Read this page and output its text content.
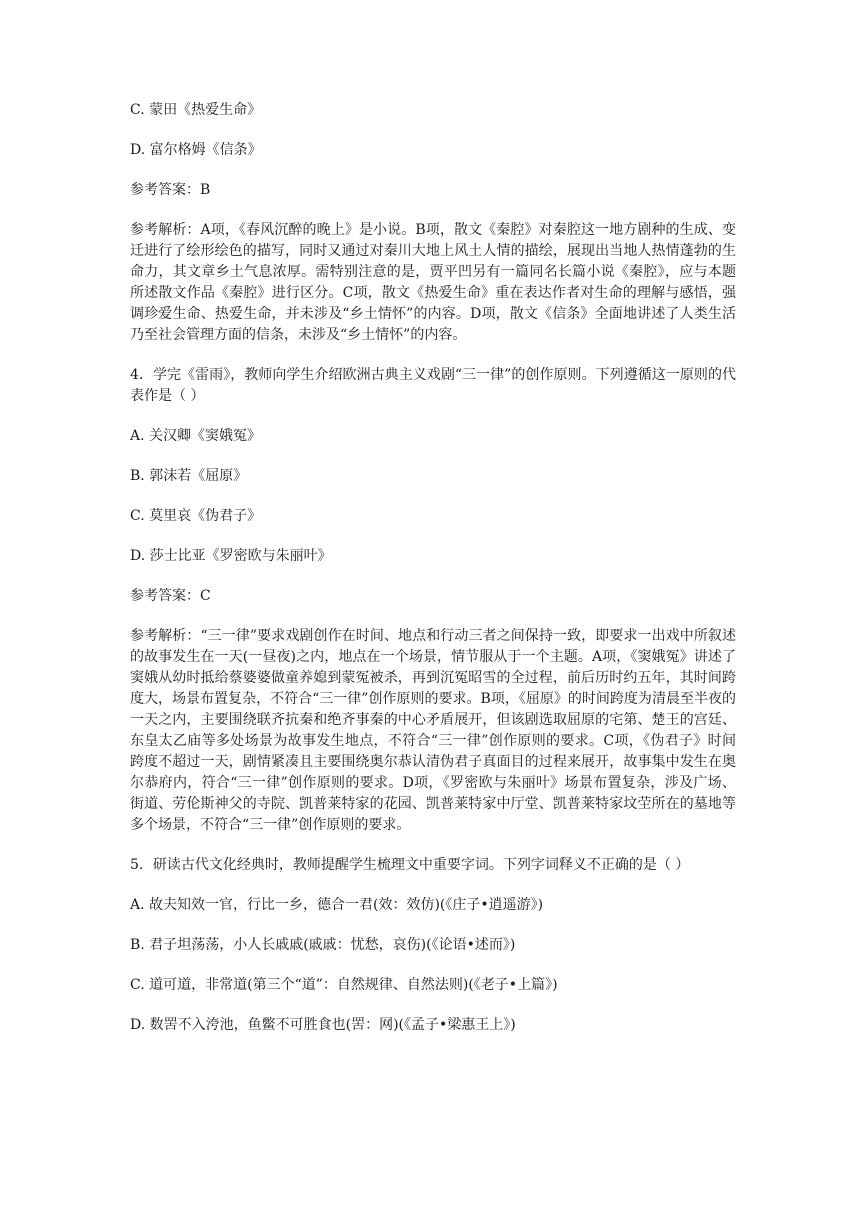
C. 蒙田《热爱生命》

D. 富尔格姆《信条》

参考答案：B

参考解析：A项，《春风沉醉的晚上》是小说。B项，散文《秦腔》对秦腔这一地方剧种的生成、变迁进行了绘形绘色的描写，同时又通过对秦川大地上风土人情的描绘，展现出当地人热情蓬勃的生命力，其文章乡土气息浓厚。需特别注意的是，贾平凹另有一篇同名长篇小说《秦腔》，应与本题所述散文作品《秦腔》进行区分。C项，散文《热爱生命》重在表达作者对生命的理解与感悟，强调珍爱生命、热爱生命，并未涉及“乡土情怀”的内容。D项，散文《信条》全面地讲述了人类生活乃至社会管理方面的信条，未涉及“乡土情怀”的内容。

4．学完《雷雨》，教师向学生介绍欧洲古典主义戏剧“三一律”的创作原则。下列遵循这一原则的代表作是（ ）

A. 关汉卿《窦娥冤》

B. 郭沫若《屈原》

C. 莫里哀《伪君子》

D. 莎士比亚《罗密欧与朱丽叶》

参考答案：C

参考解析：“三一律”要求戏剧创作在时间、地点和行动三者之间保持一致，即要求一出戏中所叙述的故事发生在一天(一昼夜)之内，地点在一个场景，情节服从于一个主题。A项，《窦娥冤》讲述了窦娥从幼时抵给蔡婆婆做童养媳到蒙冤被杀，再到沉冤昭雪的全过程，前后历时约五年，其时间跨度大，场景布置复杂，不符合“三一律”创作原则的要求。B项，《屈原》的时间跨度为清晨至半夜的一天之内，主要围绕联齐抗秦和绝齐事秦的中心矛盾展开，但该剧选取屈原的宅第、楚王的宫廷、东皇太乙庙等多处场景为故事发生地点，不符合“三一律”创作原则的要求。C项，《伪君子》时间跨度不超过一天，剧情紧凑且主要围绕奥尔恭认清伪君子真面目的过程来展开，故事集中发生在奥尔恭府内，符合“三一律”创作原则的要求。D项，《罗密欧与朱丽叶》场景布置复杂，涉及广场、街道、劳伦斯神父的寺院、凯普莱特家的花园、凯普莱特家中厅堂、凯普莱特家坟茔所在的墓地等多个场景，不符合“三一律”创作原则的要求。

5．研读古代文化经典时，教师提醒学生梳理文中重要字词。下列字词释义不正确的是（ ）

A. 故夫知效一官，行比一乡，德合一君(效：效仿)(《庄子•逍遥游》)

B. 君子坦荡荡，小人长戚戚(戚戚：忧愁，哀伤)(《论语•述而》)

C. 道可道，非常道(第三个“道”：自然规律、自然法则)(《老子•上篇》)

D. 数罟不入洿池，鱼鳖不可胜食也(罟：网)(《孟子•梁惠王上》)
